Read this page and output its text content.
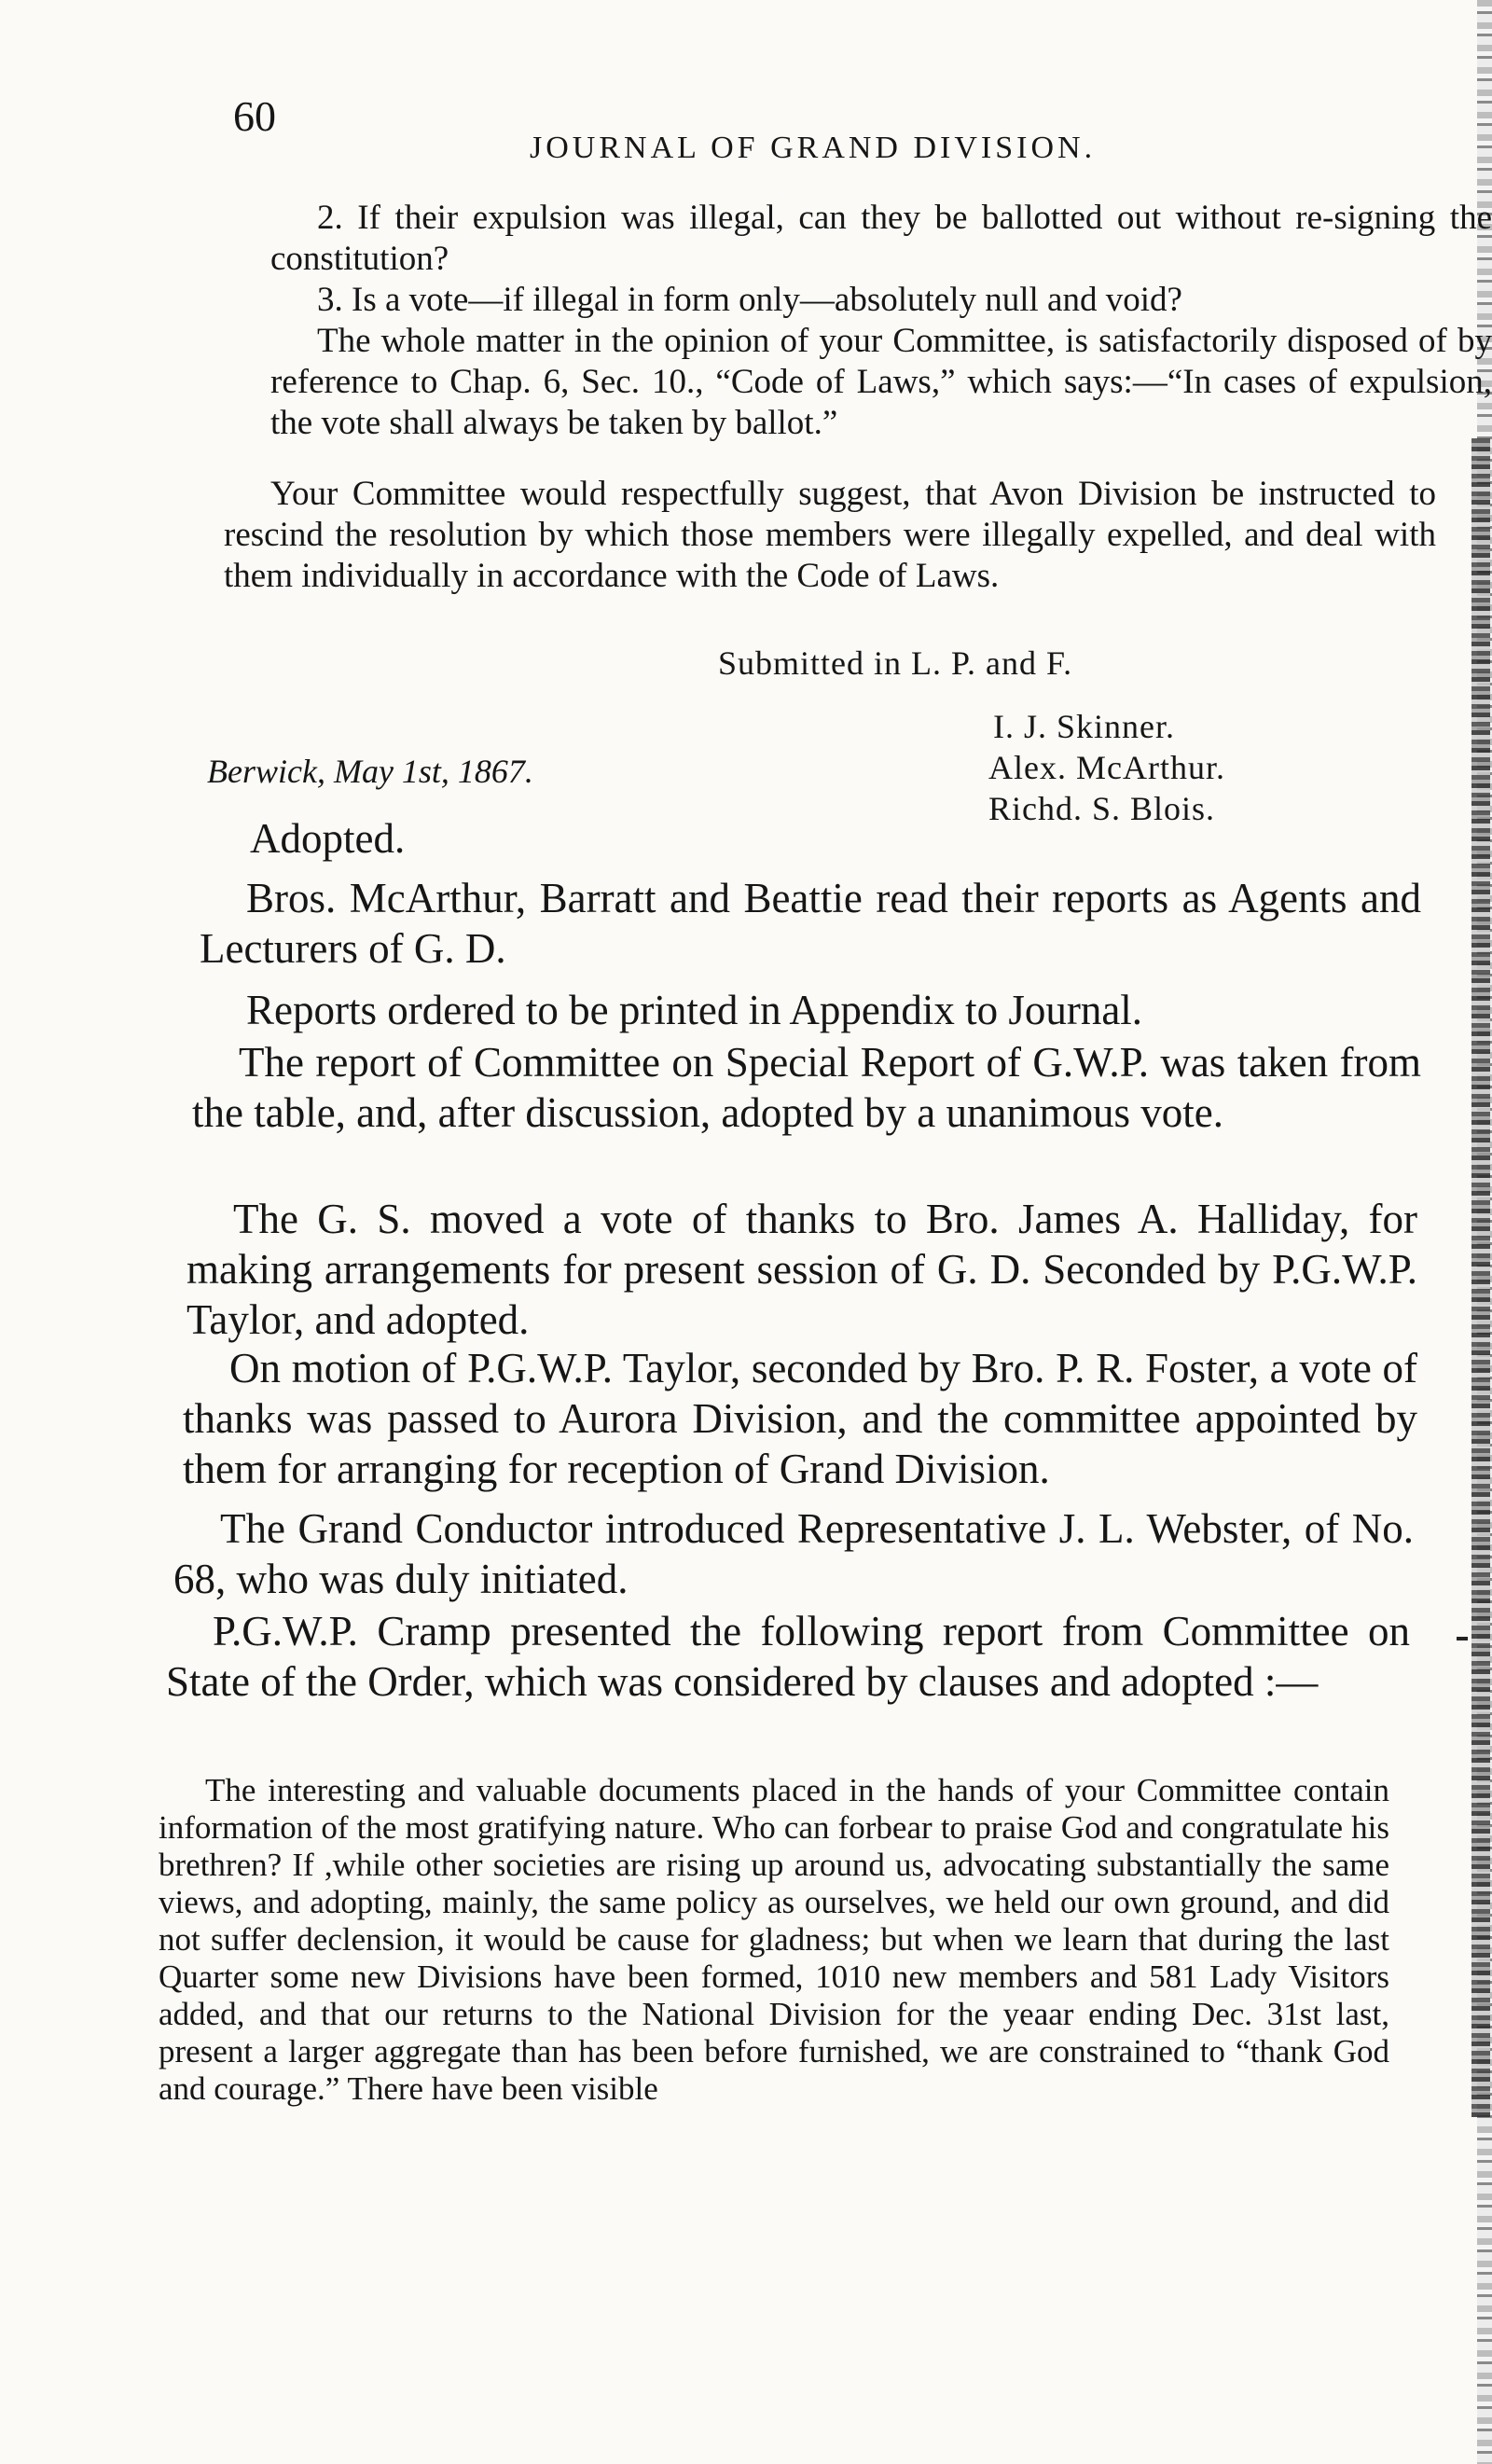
60
JOURNAL OF GRAND DIVISION.

2. If their expulsion was illegal, can they be ballotted out without re-signing the constitution?

3. Is a vote—if illegal in form only—absolutely null and void?

The whole matter in the opinion of your Committee, is satisfactorily disposed of by reference to Chap. 6, Sec. 10., “Code of Laws,” which says:—“In cases of expulsion, the vote shall always be taken by ballot.”

Your Committee would respectfully suggest, that Avon Division be instructed to rescind the resolution by which those members were illegally expelled, and deal with them individually in accordance with the Code of Laws.

Submitted in L. P. and F.
I. J. Skinner.
Alex. McArthur.
Richd. S. Blois.
Berwick, May 1st, 1867.

Adopted.

Bros. McArthur, Barratt and Beattie read their reports as Agents and Lecturers of G. D.

Reports ordered to be printed in Appendix to Journal.

The report of Committee on Special Report of G.W.P. was taken from the table, and, after discussion, adopted by a unanimous vote.

The G. S. moved a vote of thanks to Bro. James A. Halliday, for making arrangements for present session of G. D. Seconded by P.G.W.P. Taylor, and adopted.

On motion of P.G.W.P. Taylor, seconded by Bro. P. R. Foster, a vote of thanks was passed to Aurora Division, and the committee appointed by them for arranging for reception of Grand Division.

The Grand Conductor introduced Representative J. L. Webster, of No. 68, who was duly initiated.

P.G.W.P. Cramp presented the following report from Committee on State of the Order, which was considered by clauses and adopted :—

The interesting and valuable documents placed in the hands of your Committee contain information of the most gratifying nature. Who can forbear to praise God and congratulate his brethren? If ,while other societies are rising up around us, advocating substantially the same views, and adopting, mainly, the same policy as ourselves, we held our own ground, and did not suffer declension, it would be cause for gladness; but when we learn that during the last Quarter some new Divisions have been formed, 1010 new members and 581 Lady Visitors added, and that our returns to the National Division for the yeaar ending Dec. 31st last, present a larger aggregate than has been before furnished, we are constrained to “thank God and courage.” There have been visible
